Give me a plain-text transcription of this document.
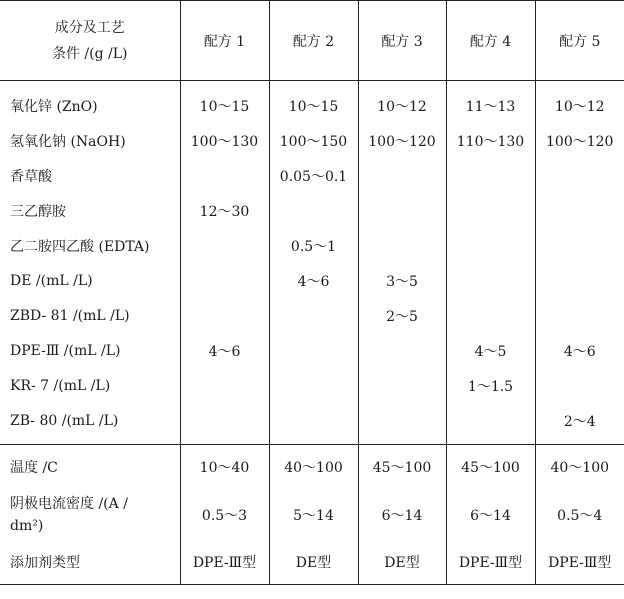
成分及工艺
条件 /(g /L)	配方 1	配方 2	配方 3	配方 4	配方 5

氧化锌 (ZnO)	10～15	10～15	10～12	11～13	10～12
氢氧化钠 (NaOH)	100～130	100～150	100～120	110～130	100～120
香草酸		0.05～0.1			
三乙醇胺	12～30				
乙二胺四乙酸 (EDTA)		0.5～1			
DE /(mL /L)		4～6	3～5		
ZBD- 81 /(mL /L)			2～5		
DPE-Ⅲ /(mL /L)	4～6			4～5	4～6
KR- 7 /(mL /L)				1～1.5	
ZB- 80 /(mL /L)					2～4

温度 /C	10～40	40～100	45～100	45～100	40～100

阴极电流密度 /(A /
dm²)	0.5～3	5～14	6～14	6～14	0.5～4
添加剂类型	DPE-Ⅲ型	DE型	DE型	DPE-Ⅲ型	DPE-Ⅲ型
